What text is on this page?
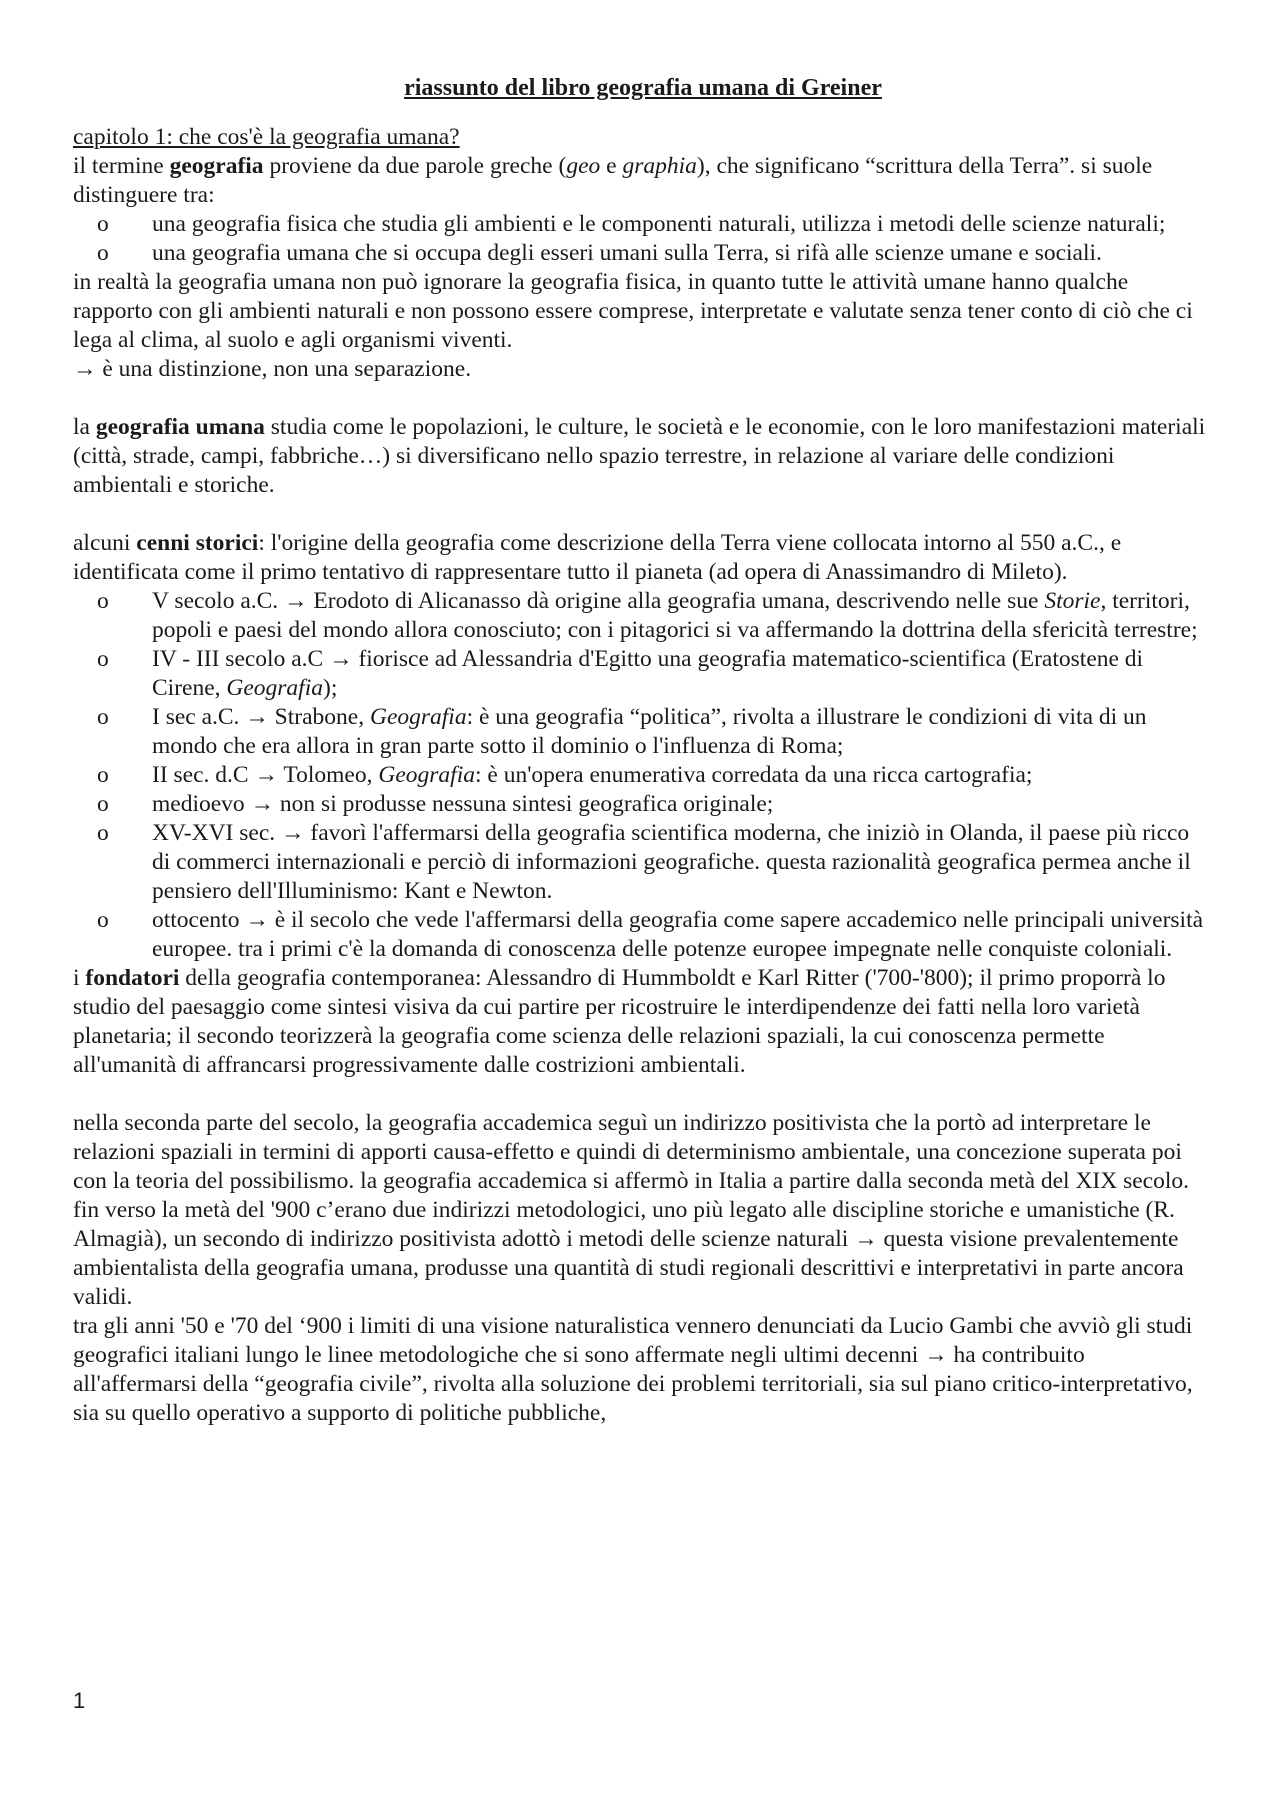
riassunto del libro geografia umana di Greiner

capitolo 1: che cos'è la geografia umana?

il termine geografia proviene da due parole greche (geo e graphia), che significano “scrittura della Terra”. si suole distinguere tra:

o una geografia fisica che studia gli ambienti e le componenti naturali, utilizza i metodi delle scienze naturali;
o una geografia umana che si occupa degli esseri umani sulla Terra, si rifà alle scienze umane e sociali.

in realtà la geografia umana non può ignorare la geografia fisica, in quanto tutte le attività umane hanno qualche rapporto con gli ambienti naturali e non possono essere comprese, interpretate e valutate senza tener conto di ciò che ci lega al clima, al suolo e agli organismi viventi.

→ è una distinzione, non una separazione.

la geografia umana studia come le popolazioni, le culture, le società e le economie, con le loro manifestazioni materiali (città, strade, campi, fabbriche…) si diversificano nello spazio terrestre, in relazione al variare delle condizioni ambientali e storiche.

alcuni cenni storici: l'origine della geografia come descrizione della Terra viene collocata intorno al 550 a.C., e identificata come il primo tentativo di rappresentare tutto il pianeta (ad opera di Anassimandro di Mileto).

o V secolo a.C. → Erodoto di Alicanasso dà origine alla geografia umana, descrivendo nelle sue Storie, territori, popoli e paesi del mondo allora conosciuto; con i pitagorici si va affermando la dottrina della sfericità terrestre;
o IV - III secolo a.C → fiorisce ad Alessandria d'Egitto una geografia matematico-scientifica (Eratostene di Cirene, Geografia);
o I sec a.C. → Strabone, Geografia: è una geografia “politica”, rivolta a illustrare le condizioni di vita di un mondo che era allora in gran parte sotto il dominio o l'influenza di Roma;
o II sec. d.C → Tolomeo, Geografia: è un'opera enumerativa corredata da una ricca cartografia;
o medioevo → non si produsse nessuna sintesi geografica originale;
o XV-XVI sec. → favorì l'affermarsi della geografia scientifica moderna, che iniziò in Olanda, il paese più ricco di commerci internazionali e perciò di informazioni geografiche. questa razionalità geografica permea anche il pensiero dell'Illuminismo: Kant e Newton.
o ottocento → è il secolo che vede l'affermarsi della geografia come sapere accademico nelle principali università europee. tra i primi c'è la domanda di conoscenza delle potenze europee impegnate nelle conquiste coloniali.

i fondatori della geografia contemporanea: Alessandro di Hummboldt e Karl Ritter ('700-'800); il primo proporrà lo studio del paesaggio come sintesi visiva da cui partire per ricostruire le interdipendenze dei fatti nella loro varietà planetaria; il secondo teorizzerà la geografia come scienza delle relazioni spaziali, la cui conoscenza permette all'umanità di affrancarsi progressivamente dalle costrizioni ambientali.

nella seconda parte del secolo, la geografia accademica seguì un indirizzo positivista che la portò ad interpretare le relazioni spaziali in termini di apporti causa-effetto e quindi di determinismo ambientale, una concezione superata poi con la teoria del possibilismo. la geografia accademica si affermò in Italia a partire dalla seconda metà del XIX secolo.

fin verso la metà del '900 c’erano due indirizzi metodologici, uno più legato alle discipline storiche e umanistiche (R. Almagià), un secondo di indirizzo positivista adottò i metodi delle scienze naturali → questa visione prevalentemente ambientalista della geografia umana, produsse una quantità di studi regionali descrittivi e interpretativi in parte ancora validi.

tra gli anni '50 e '70 del ‘900 i limiti di una visione naturalistica vennero denunciati da Lucio Gambi che avviò gli studi geografici italiani lungo le linee metodologiche che si sono affermate negli ultimi decenni → ha contribuito all'affermarsi della “geografia civile”, rivolta alla soluzione dei problemi territoriali, sia sul piano critico-interpretativo, sia su quello operativo a supporto di politiche pubbliche,

1
